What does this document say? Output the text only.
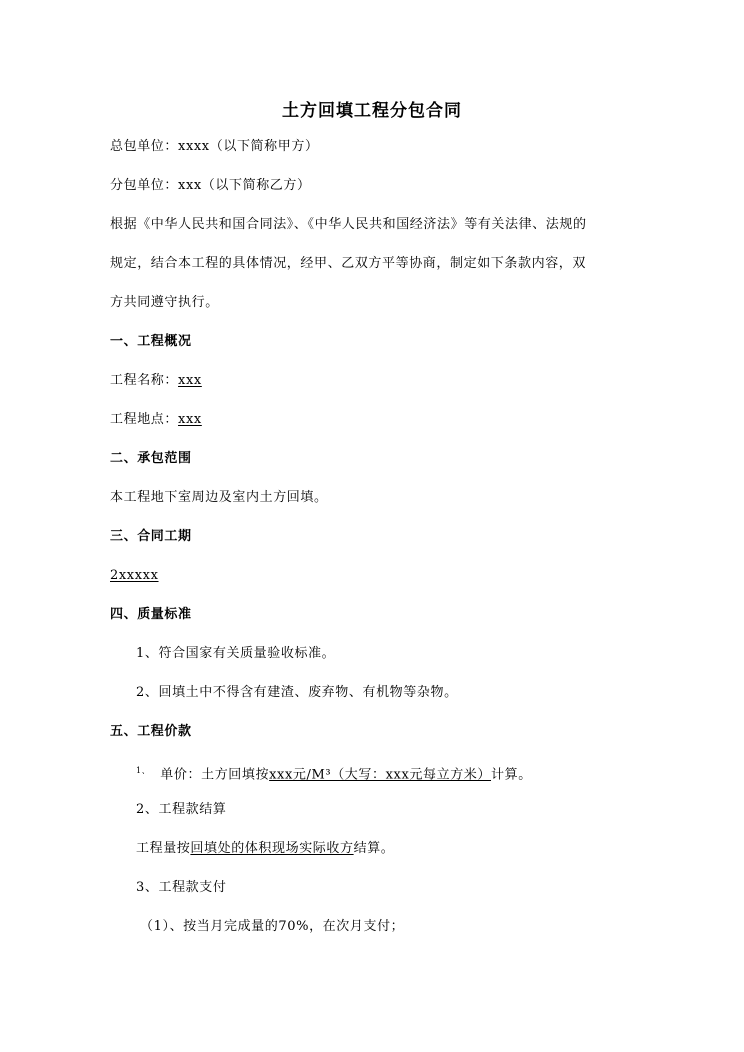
土方回填工程分包合同
总包单位：xxxx（以下简称甲方）
分包单位：xxx（以下简称乙方）
根据《中华人民共和国合同法》、《中华人民共和国经济法》等有关法律、法规的
规定，结合本工程的具体情况，经甲、乙双方平等协商，制定如下条款内容，双
方共同遵守执行。
一、工程概况
工程名称：xxx
工程地点：xxx
二、承包范围
本工程地下室周边及室内土方回填。
三、合同工期
2xxxxx
四、质量标准
1、符合国家有关质量验收标准。
2、回填土中不得含有建渣、废弃物、有机物等杂物。
五、工程价款
$^{1、}$ 单价：土方回填按xxx元/M³（大写：xxx元每立方米）计算。
2、工程款结算
工程量按回填处的体积现场实际收方结算。
3、工程款支付
（1）、按当月完成量的70%，在次月支付；
